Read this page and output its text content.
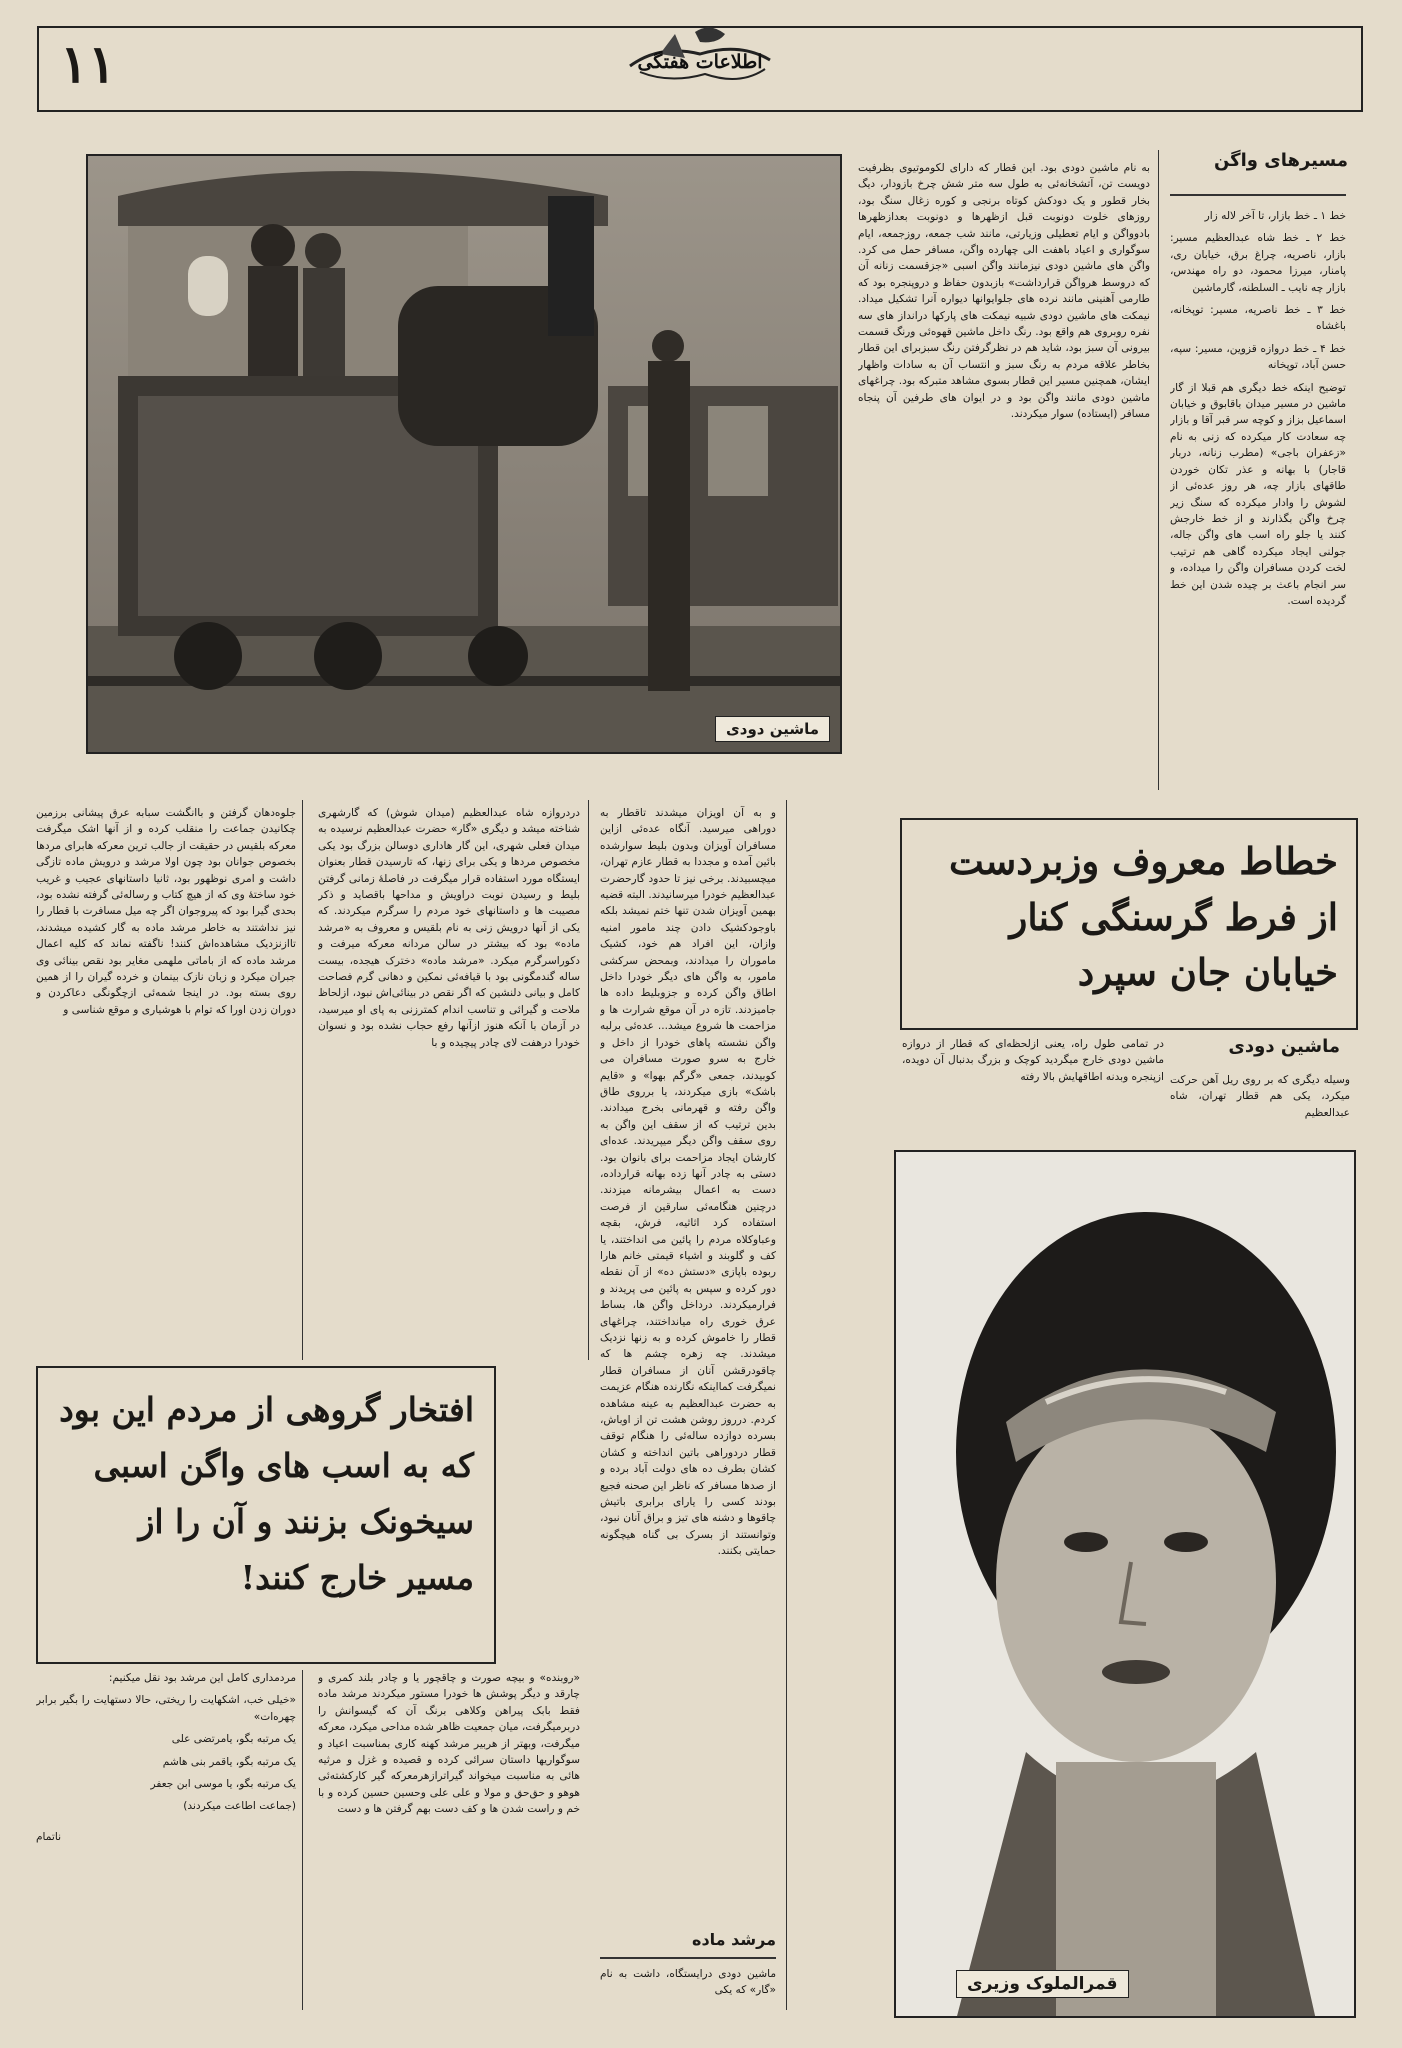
۱۱	اطلاعات هفتگی
ماشین دودی
مسیرهای واگن

خط ۱ ـ خط بازار، تا آخر لاله زار

خط ۲ ـ خط شاه عبدالعظیم مسیر: بازار، ناصریه، چراغ برق، خیابان ری، پامنار، میرزا محمود، دو راه مهندس، بازار چه نایب ـ السلطنه، گارماشین

خط ۳ ـ خط ناصریه، مسیر: توپخانه، باغشاه

خط ۴ ـ خط دروازه قزوین، مسیر: سپه، حسن آباد، توپخانه

توضیح اینکه خط دیگری هم قبلا از گار ماشین در مسیر میدان باقابوق و خیابان اسماعیل بزاز و کوچه سر قبر آقا و بازار چه سعادت کار میکرده که زنی به نام «زعفران باجی» (مطرب زنانه، دربار قاجار) با بهانه و عذر تکان خوردن طاقهای بازار چه، هر روز عده‌ئی از لشوش را وادار میکرده که سنگ زیر چرخ واگن بگذارند و از خط خارجش کنند یا جلو راه اسب های واگن جاله، جولنی ایجاد میکرده گاهی هم ترتیب لخت کردن مسافران واگن را میداده، و سر انجام باعث بر چیده شدن این خط گردیده است.

به نام ماشین دودی بود. این قطار که دارای لکوموتیوی بظرفیت دویست تن، آتشخانه‌ئی به طول سه متر شش چرخ بازودار، دیگ بخار قطور و یک دودکش کوتاه برنجی و کوره زغال سنگ بود، روزهای خلوت دونوبت قبل ازظهرها و دونوبت بعدازظهرها بادوواگن و ایام تعطیلی وزیارتی، مانند شب جمعه، روزجمعه، ایام سوگواری و اعیاد باهفت الی چهارده واگن، مسافر حمل می کرد. واگن های ماشین دودی نیزمانند واگن اسبی «جزقسمت زنانه آن که دروسط هرواگن قرارداشت» بازبدون حفاظ و دروپنجره بود که طارمی آهنینی مانند نرده های جلوایوانها دیواره آنرا تشکیل میداد. نیمکت های ماشین دودی شبیه نیمکت های پارکها درانداز های سه نفره روبروی هم واقع بود. رنگ داخل ماشین قهوه‌ئی ورنگ قسمت بیرونی آن سبز بود، شاید هم در نظرگرفتن رنگ سبزبرای این قطار بخاطر علاقه مردم به رنگ سبز و انتساب آن به سادات واظهار ایشان، همچنین مسیر این قطار بسوی مشاهد متبرکه بود. چراغهای ماشین دودی مانند واگن بود و در ایوان های طرفین آن پنجاه مسافر (ایستاده) سوار میکردند.
خطاط معروف وزبردست از فرط گرسنگی کنار خیابان جان سپرد
ماشین دودی
وسیله دیگری که بر روی ریل آهن حرکت میکرد، یکی هم قطار تهران، شاه عبدالعظیم
در تمامی طول راه، یعنی ازلحظه‌ای که قطار از دروازه ماشین دودی خارج میگردید کوچک و بزرگ بدنبال آن دویده، ازپنجره وبدنه اطاقهایش بالا رفته
قمرالملوک وزیری
و به آن اویزان میشدند تاقطار به دوراهی میرسید. آنگاه عده‌ئی ازاین مسافران آویزان وبدون بلیط سوارشده بائین آمده و مجددا به قطار عازم تهران، میچسبیدند. برخی نیز تا حدود گارحضرت عبدالعظیم خودرا میرسانیدند. البته قضیه بهمین آویزان شدن تنها ختم نمیشد بلکه باوجودکشیک دادن چند مامور امنیه وازان، این افراد هم خود، کشیک ماموران را میدادند، وبمحض سرکشی مامور، به واگن های دیگر خودرا داخل اطاق واگن کرده و جزوبلیط داده ها جامیزدند. تازه در آن موقع شرارت ها و مزاحمت ها شروع میشد... عده‌ئی برلبه واگن نشسته پاهای خودرا از داخل و خارج به سرو صورت مسافران می کوبیدند، جمعی «گرگم بهوا» و «قایم باشک» بازی میکردند، یا برروی طاق واگن رفته و قهرمانی بخرج میدادند. بدین ترتیب که از سقف این واگن به روی سقف واگن دیگر میپریدند. عده‌ای کارشان ایجاد مزاحمت برای بانوان بود. دستی به چادر آنها زده بهانه قرارداده، دست به اعمال بیشرمانه میزدند. درچنین هنگامه‌ئی سارقین از فرصت استفاده کرد اثاثیه، فرش، بقچه وعباوکلاه مردم را پائین می انداختند، یا کف و گلوبند و اشیاء قیمتی خانم هارا ربوده باپازی «دستش ده» از آن نقطه دور کرده و سپس به پائین می پریدند و فرارمیکردند. درداخل واگن ها، بساط عرق خوری راه میانداختند، چراغهای قطار را خاموش کرده و به زنها نزدیک میشدند. چه زهره چشم ها که چاقودرقشن آنان از مسافران قطار نمیگرفت کمااینکه نگارنده هنگام عزیمت به حضرت عبدالعظیم به عینه مشاهده کردم. درروز روشن هشت تن از اوباش، بسرده دوازده ساله‌ئی را هنگام توقف قطار دردوراهی باتین انداخته و کشان کشان بطرف ده های دولت آباد برده و از صدها مسافر که ناظر این صحنه فجیع بودند کسی را یارای برابری باتیش چاقوها و دشنه های تیز و براق آنان نبود، وتوانستند از بسرک بی گناه هیچگونه حمایتی بکنند.
مرشد ماده
ماشین دودی درایستگاه، داشت به نام «گار» که یکی
دردروازه شاه عبدالعظیم (میدان شوش) که گارشهری شناخته میشد و دیگری «گار» حضرت عبدالعظیم نرسیده به میدان فعلی شهری، این گار هاداری دوسالن بزرگ بود یکی مخصوص مردها و یکی برای زنها، که تارسیدن قطار بعنوان ایستگاه مورد استفاده قرار میگرفت در فاصلهٔ زمانی گرفتن بلیط و رسیدن نوبت دراویش و مداحها باقصاید و ذکر مصیبت ها و داستانهای خود مردم را سرگرم میکردند. که یکی از آنها درویش زنی به نام بلقیس و معروف به «مرشد ماده» بود که بیشتر در سالن مردانه معرکه میرفت و دکوراسرگرم میکرد. «مرشد ماده» دخترک هیجده، بیست ساله گندمگونی بود با قیافه‌ئی نمکین و دهانی گرم فصاحت کامل و بیانی دلنشین که اگر نقص در بینائی‌اش نبود، ازلحاظ ملاحت و گیرائی و تناسب اندام کمترزنی به پای او میرسید، در آزمان با آنکه هنوز ازآنها رفع حجاب نشده بود و نسوان خودرا درهفت لای چادر پیچیده و با
جلوه‌دهان گرفتن و باانگشت سبابه عرق پیشانی برزمین چکانیدن جماعت را منقلب کرده و از آنها اشک میگرفت معرکه بلقیس در حقیقت از جالب ترین معرکه هابرای مردها بخصوص جوانان بود چون اولا مرشد و درویش ماده تازگی داشت و امری نوظهور بود، ثانیا داستانهای عجیب و غریب خود ساختهٔ وی که از هیچ کتاب و رساله‌ئی گرفته نشده بود، بحدی گیرا بود که پیروجوان اگر چه میل مسافرت با قطار را نیز نداشتند به خاطر مرشد ماده به گار کشیده میشدند، تاازنزدیک مشاهده‌اش کنند! ناگفته نماند که کلیه اعمال مرشد ماده که از باماتی ملهمی مغایر بود نقص بینائی وی جبران میکرد و زبان نازک بینمان و خرده گیران را از همین روی بسته بود. در اینجا شمه‌ئی ازچگونگی دعاکردن و دوران زدن اورا که توام با هوشیاری و موقع شناسی و
افتخار گروهی از مردم این بود که به اسب های واگن اسبی سیخونک بزنند و آن را از مسیر خارج کنند!
«روبنده» و بیچه صورت و چاقچور یا و چادر بلند کمری و چارقد و دیگر پوشش ها خودرا مستور میکردند مرشد ماده فقط بابک پیراهن وکلاهی برنگ آن که گیسوانش را دربرمیگرفت، میان جمعیت ظاهر شده مداحی میکرد، معرکه میگرفت، وبهتر از هربیر مرشد کهنه کاری بمناسبت اعیاد و سوگواریها داستان سرائی کرده و قصیده و غزل و مرثیه هائی به مناسبت میخواند گیراتراز‌هرمعرکه گیر کارکشته‌ئی هوهو و حق‌حق و مولا و علی علی وحسین حسین کرده و با خم و راست شدن ها و کف دست بهم گرفتن ها و دست

مردمداری کامل این مرشد بود نقل میکنیم:

«خیلی خب، اشکهایت را ریختی، حالا دستهایت را بگیر برابر چهره‌ات»

یک مرتبه بگو، یامرتضی علی

یک مرتبه بگو، یاقمر بنی هاشم

یک مرتبه بگو، یا موسی ابن جعفر

(جماعت اطاعت میکردند)

ناتمام
